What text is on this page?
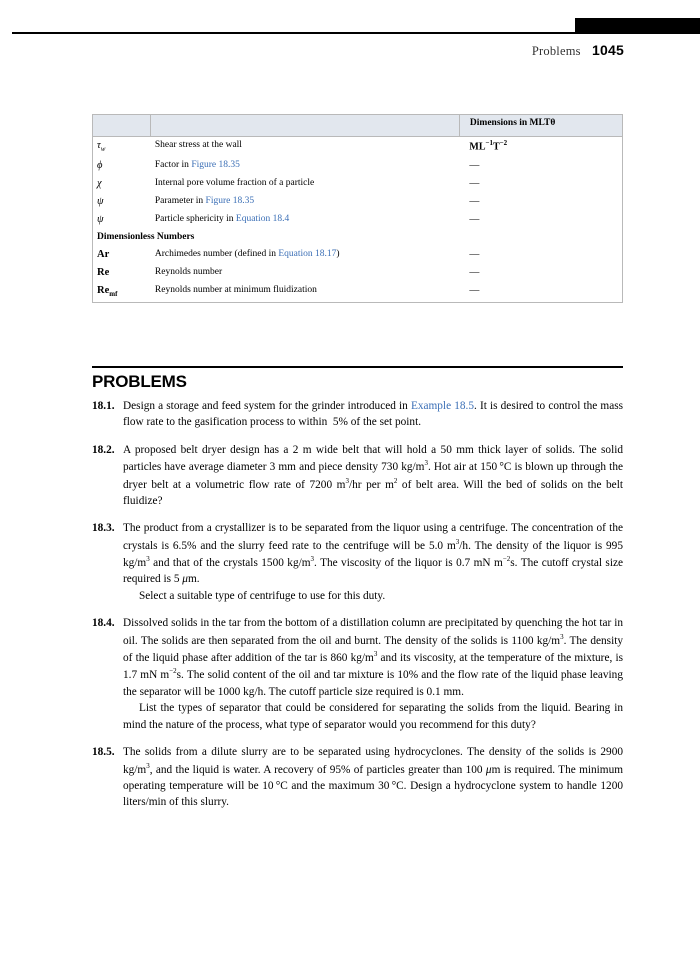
Problems 1045
		Dimensions in MLTθ
$\tau_w$	Shear stress at the wall	$ML^{-1}T^{-2}$
ϕ	Factor in Figure 18.35	—
χ	Internal pore volume fraction of a particle	—
ψ	Parameter in Figure 18.35	—
ψ	Particle sphericity in Equation 18.4	—
Dimensionless Numbers		
Ar	Archimedes number (defined in Equation 18.17)	—
Re	Reynolds number	—
$Re_{mf}$	Reynolds number at minimum fluidization	—
PROBLEMS
18.1. Design a storage and feed system for the grinder introduced in Example 18.5. It is desired to control the mass flow rate to the gasification process to within  5% of the set point.

18.2. A proposed belt dryer design has a 2 m wide belt that will hold a 50 mm thick layer of solids. The solid particles have average diameter 3 mm and piece density 730 $kg/m^3$. Hot air at 150 °C is blown up through the dryer belt at a volumetric flow rate of 7200 $m^3/hr$ per $m^2$ of belt area. Will the bed of solids on the belt fluidize?

18.3. The product from a crystallizer is to be separated from the liquor using a centrifuge. The concentration of the crystals is 6.5% and the slurry feed rate to the centrifuge will be 5.0 $m^3/h$. The density of the liquor is 995 $kg/m^3$ and that of the crystals 1500 $kg/m^3$. The viscosity of the liquor is 0.7 mN $m^{-2}s$. The cutoff crystal size required is 5 μm.

Select a suitable type of centrifuge to use for this duty.

18.4. Dissolved solids in the tar from the bottom of a distillation column are precipitated by quenching the hot tar in oil. The solids are then separated from the oil and burnt. The density of the solids is 1100 $kg/m^3$. The density of the liquid phase after addition of the tar is 860 $kg/m^3$ and its viscosity, at the temperature of the mixture, is 1.7 mN $m^{-2}s$. The solid content of the oil and tar mixture is 10% and the flow rate of the liquid phase leaving the separator will be 1000 kg/h. The cutoff particle size required is 0.1 mm.

List the types of separator that could be considered for separating the solids from the liquid. Bearing in mind the nature of the process, what type of separator would you recommend for this duty?

18.5. The solids from a dilute slurry are to be separated using hydrocyclones. The density of the solids is 2900 $kg/m^3$, and the liquid is water. A recovery of 95% of particles greater than 100 μm is required. The minimum operating temperature will be 10 °C and the maximum 30 °C. Design a hydrocyclone system to handle 1200 liters/min of this slurry.
